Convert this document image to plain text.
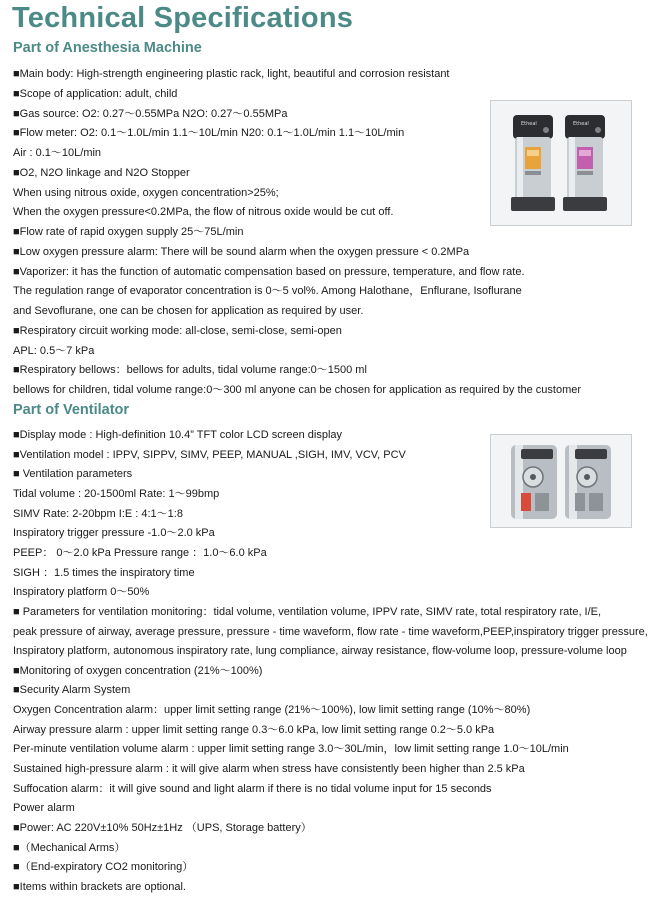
Technical Specifications
Part of Anesthesia Machine
■Main body: High-strength engineering plastic rack, light, beautiful and corrosion resistant
■Scope of application: adult, child
■Gas source: O2: 0.27～0.55MPa N2O: 0.27～0.55MPa
■Flow meter: O2: 0.1～1.0L/min 1.1～10L/min N20: 0.1～1.0L/min 1.1～10L/min
Air : 0.1～10L/min
■O2, N2O linkage and N2O Stopper
When using nitrous oxide, oxygen concentration>25%;
When the oxygen pressure<0.2MPa, the flow of nitrous oxide would be cut off.
■Flow rate of rapid oxygen supply 25～75L/min
■Low oxygen pressure alarm: There will be sound alarm when the oxygen pressure < 0.2MPa
■Vaporizer: it has the function of automatic compensation based on pressure, temperature, and flow rate.
The regulation range of evaporator concentration is 0～5 vol%. Among Halothane，Enflurane, Isoflurane
and Sevoflurane, one can be chosen for application as required by user.
■Respiratory circuit working mode: all-close, semi-close, semi-open
APL: 0.5～7 kPa
■Respiratory bellows：bellows for adults, tidal volume range:0～1500 ml
bellows for children, tidal volume range:0～300 ml anyone can be chosen for application as required by the customer
Part of Ventilator
■Display mode : High-definition 10.4” TFT color LCD screen display
■Ventilation model : IPPV, SIPPV, SIMV, PEEP, MANUAL ,SIGH, IMV, VCV, PCV
■ Ventilation parameters
Tidal volume : 20-1500ml Rate: 1～99bmp
SIMV Rate: 2-20bpm I:E : 4:1～1:8
Inspiratory trigger pressure -1.0～2.0 kPa
PEEP： 0～2.0 kPa Pressure range ：1.0～6.0 kPa
SIGH ：1.5 times the inspiratory time
Inspiratory platform 0～50%
■ Parameters for ventilation monitoring：tidal volume, ventilation volume, IPPV rate, SIMV rate, total respiratory rate, I/E,
peak pressure of airway, average pressure, pressure - time waveform, flow rate - time waveform,PEEP,inspiratory trigger pressure,
Inspiratory platform, autonomous inspiratory rate, lung compliance, airway resistance, flow-volume loop, pressure-volume loop
■Monitoring of oxygen concentration (21%～100%)
■Security Alarm System
Oxygen Concentration alarm：upper limit setting range (21%～100%), low limit setting range (10%～80%)
Airway pressure alarm : upper limit setting range 0.3～6.0 kPa, low limit setting range 0.2～5.0 kPa
Per-minute ventilation volume alarm : upper limit setting range 3.0～30L/min，low limit setting range 1.0～10L/min
Sustained high-pressure alarm : it will give alarm when stress have consistently been higher than 2.5 kPa
Suffocation alarm：it will give sound and light alarm if there is no tidal volume input for 15 seconds
Power alarm
■Power: AC 220V±10% 50Hz±1Hz （UPS, Storage battery）
■（Mechanical Arms）
■（End-expiratory CO2 monitoring）
■Items within brackets are optional.
Etheal	Etheal
